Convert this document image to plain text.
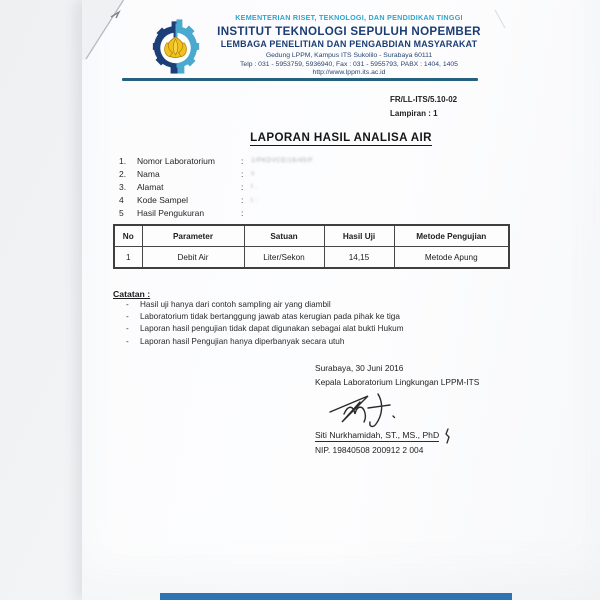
KEMENTERIAN RISET, TEKNOLOGI, DAN PENDIDIKAN TINGGI
INSTITUT TEKNOLOGI SEPULUH NOPEMBER
LEMBAGA PENELITIAN DAN PENGABDIAN MASYARAKAT
Gedung LPPM, Kampus ITS Sukolilo - Surabaya 60111
Telp : 031 - 5953759, 5936940, Fax : 031 - 5955793, PABX : 1404, 1405
http://www.lppm.its.ac.id
FR/LL-ITS/5.10-02
Lampiran : 1
LAPORAN HASIL ANALISA AIR
1.	Nomor Laboratorium	:	1/PKDVCE/16/45/F
2.	Nama	:	s
3.	Alamat	:	t .
4	Kode Sampel	:	t :
5	Hasil Pengukuran	:
No	Parameter	Satuan	Hasil Uji	Metode Pengujian
1	Debit Air	Liter/Sekon	14,15	Metode Apung
Catatan :
-	Hasil uji hanya dari contoh sampling air yang diambil
-	Laboratorium tidak bertanggung jawab atas kerugian pada pihak ke tiga
-	Laporan hasil pengujian tidak dapat digunakan sebagai alat bukti Hukum
-	Laporan hasil Pengujian hanya diperbanyak secara utuh
Surabaya, 30 Juni 2016
Kepala Laboratorium Lingkungan LPPM-ITS
Siti Nurkhamidah, ST., MS., PhD
NIP. 19840508 200912 2 004
